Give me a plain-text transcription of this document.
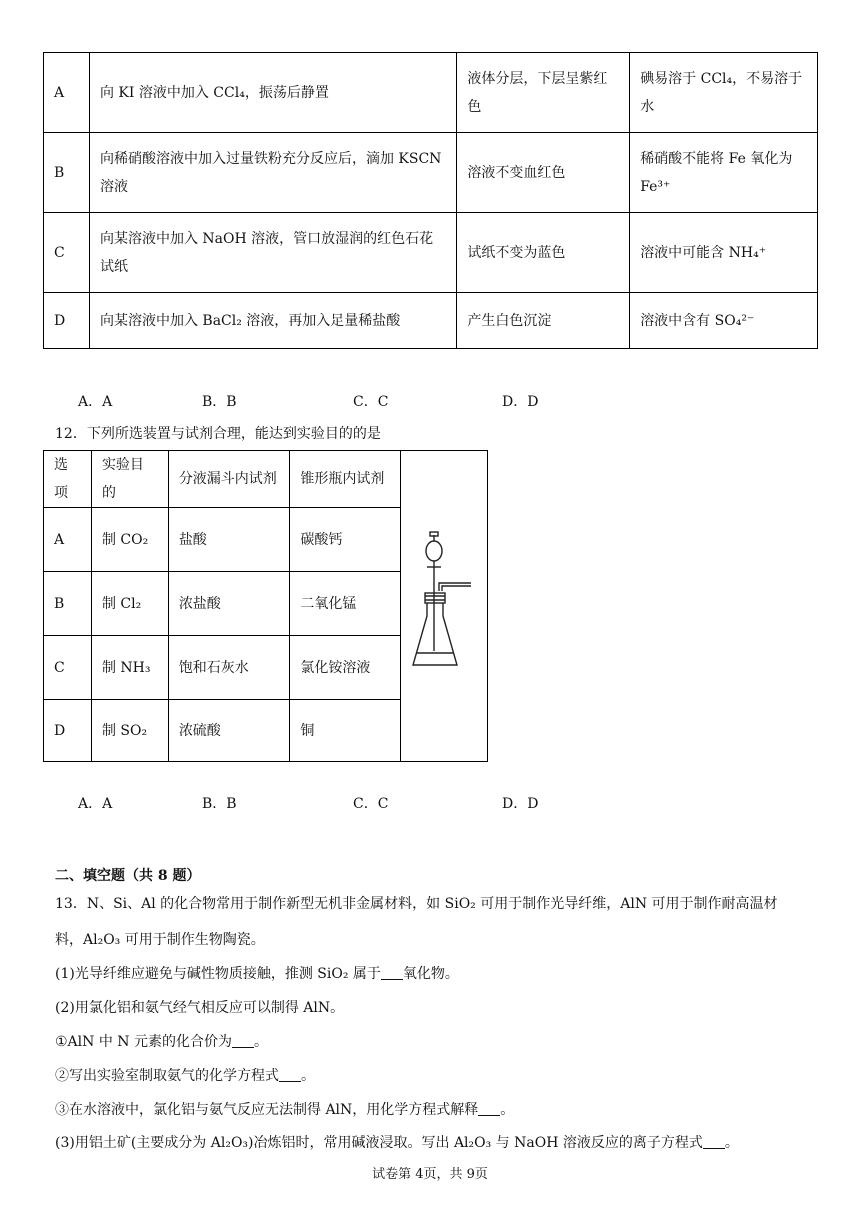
A	向 KI 溶液中加入 CCl₄，振荡后静置	液体分层，下层呈紫红色	碘易溶于 CCl₄，不易溶于水
B	向稀硝酸溶液中加入过量铁粉充分反应后，滴加 KSCN 溶液	溶液不变血红色	稀硝酸不能将 Fe 氧化为 Fe³⁺
C	向某溶液中加入 NaOH 溶液，管口放湿润的红色石花试纸	试纸不变为蓝色	溶液中可能含 NH₄⁺
D	向某溶液中加入 BaCl₂ 溶液，再加入足量稀盐酸	产生白色沉淀	溶液中含有 SO₄²⁻
A．A	B．B	C．C	D．D
12．下列所选装置与试剂合理，能达到实验目的的是
选项	实验目的	分液漏斗内试剂	锥形瓶内试剂	
A	制 CO₂	盐酸	碳酸钙	
B	制 Cl₂	浓盐酸	二氧化锰	
C	制 NH₃	饱和石灰水	氯化铵溶液	
D	制 SO₂	浓硫酸	铜	
A．A	B．B	C．C	D．D
二、填空题（共 8 题）
13．N、Si、Al 的化合物常用于制作新型无机非金属材料，如 SiO₂ 可用于制作光导纤维，AlN 可用于制作耐高温材
料，Al₂O₃ 可用于制作生物陶瓷。
(1)光导纤维应避免与碱性物质接触，推测 SiO₂ 属于 氧化物。
(2)用氯化铝和氨气经气相反应可以制得 AlN。
①AlN 中 N 元素的化合价为 。
②写出实验室制取氨气的化学方程式 。
③在水溶液中，氯化铝与氨气反应无法制得 AlN，用化学方程式解释 。
(3)用铝土矿(主要成分为 Al₂O₃)冶炼铝时，常用碱液浸取。写出 Al₂O₃ 与 NaOH 溶液反应的离子方程式 。
试卷第 4页，共 9页
